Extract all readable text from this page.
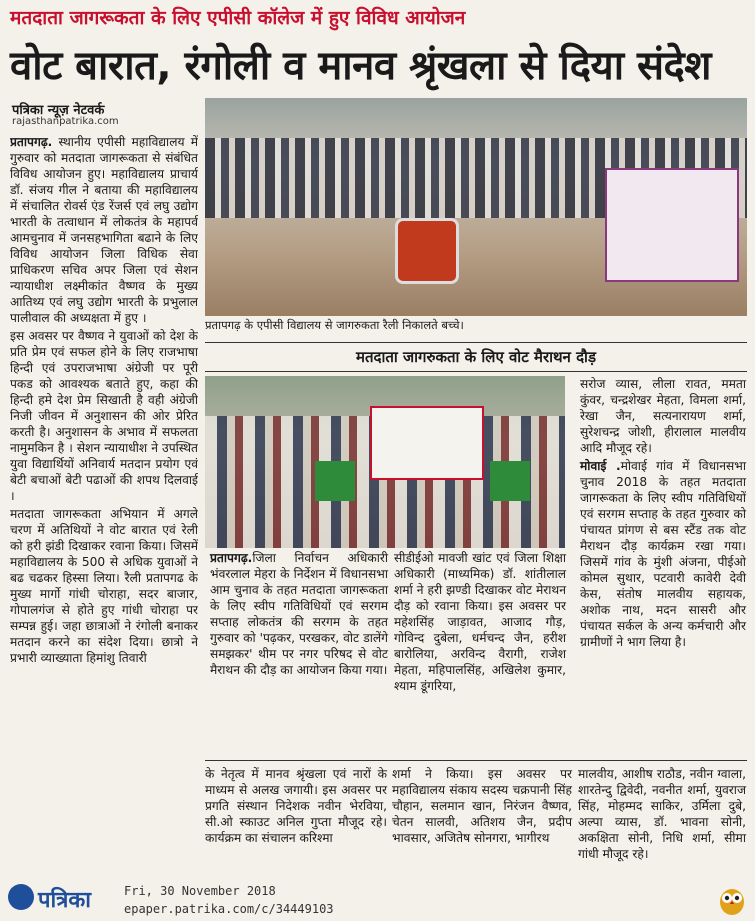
मतदाता जागरूकता के लिए एपीसी कॉलेज में हुए विविध आयोजन
वोट बारात, रंगोली व मानव श्रृंखला से दिया संदेश
पत्रिका न्यूज़ नेटवर्क
rajasthanpatrika.com

प्रतापगढ़. स्थानीय एपीसी महाविद्यालय में गुरुवार को मतदाता जागरूकता से संबंधित विविध आयोजन हुए। महाविद्यालय प्राचार्य डॉ. संजय गील ने बताया की महाविद्यालय में संचालित रोवर्स एंड रेंजर्स एवं लघु उद्योग भारती के तत्वाधान में लोकतंत्र के महापर्व आमचुनाव में जनसहभागिता बढाने के लिए विविध आयोजन जिला विधिक सेवा प्राधिकरण सचिव अपर जिला एवं सेशन न्यायाधीश लक्ष्मीकांत वैष्णव के मुख्य आतिथ्य एवं लघु उद्योग भारती के प्रभुलाल पालीवाल की अध्यक्षता में हुए ।

इस अवसर पर वैष्णव ने युवाओं को देश के प्रति प्रेम एवं सफल होने के लिए राजभाषा हिन्दी एवं उपराजभाषा अंग्रेजी पर पूरी पकड को आवश्यक बताते हुए, कहा की हिन्दी हमे देश प्रेम सिखाती है वही अंग्रेजी निजी जीवन में अनुशासन की ओर प्रेरित करती है। अनुशासन के अभाव में सफलता नामुमकिन है । सेशन न्यायाधीश ने उपस्थित युवा विद्यार्थियों अनिवार्य मतदान प्रयोग एवं बेटी बचाओं बेटी पढाओं की शपथ दिलवाई ।

मतदाता जागरूकता अभियान में अगले चरण में अतिथियों ने वोट बारात एवं रेली को हरी झंडी दिखाकर रवाना किया। जिसमें महाविद्यालय के 500 से अधिक युवाओं ने बढ चढकर हिस्सा लिया। रैली प्रतापगढ के मुख्य मार्गो गांधी चोराहा, सदर बाजार, गोपालगंज से होते हुए गांधी चोराहा पर सम्पन्न हुई। जहा छात्राओं ने रंगोली बनाकर मतदान करने का संदेश दिया। छात्रो ने प्रभारी व्याख्याता हिमांशु तिवारी

प्रतापगढ़ के एपीसी विद्यालय से जागरुकता रैली निकालते बच्चे।
मतदाता जागरुकता के लिए वोट मैराथन दौड़

प्रतापगढ़.जिला निर्वाचन अधिकारी भंवरलाल मेहरा के निर्देशन में विधानसभा आम चुनाव के तहत मतदाता जागरूकता के लिए स्वीप गतिविधियों एवं सरगम सप्ताह लोकतंत्र की सरगम के तहत गुरुवार को 'पढ़कर, परखकर, वोट डालेंगे समझकर' थीम पर नगर परिषद से वोट मैराथन की दौड़ का आयोजन किया गया।

सीडीईओ मावजी खांट एवं जिला शिक्षा अधिकारी (माध्यमिक) डॉ. शांतीलाल शर्मा ने हरी झण्डी दिखाकर वोट मेराथन दौड़ को रवाना किया। इस अवसर पर महेशसिंह जाड़ावत, आजाद गौड़, गोविन्द दुबेला, धर्मचन्द जैन, हरीश बारोलिया, अरविन्द वैरागी, राजेश मेहता, महिपालसिंह, अखिलेश कुमार, श्याम डूंगरिया,

सरोज व्यास, लीला रावत, ममता कुंवर, चन्द्रशेखर मेहता, विमला शर्मा, रेखा जैन, सत्यनारायण शर्मा, सुरेशचन्द्र जोशी, हीरालाल मालवीय आदि मौजूद रहे।

मोवाई .मोवाई गांव में विधानसभा चुनाव 2018 के तहत मतदाता जागरूकता के लिए स्वीप गतिविधियों एवं सरगम सप्ताह के तहत गुरुवार को पंचायत प्रांगण से बस स्टैंड तक वोट मैराथन दौड़ कार्यक्रम रखा गया। जिसमें गांव के मुंशी अंजना, पीईओ कोमल सुथार, पटवारी कावेरी देवी केस, संतोष मालवीय सहायक, अशोक नाथ, मदन सासरी और पंचायत सर्कल के अन्य कर्मचारी और ग्रामीणों ने भाग लिया है।

के नेतृत्व में मानव श्रृंखला एवं नारों के माध्यम से अलख जगायी। इस अवसर पर प्रगति संस्थान निदेशक नवीन भेरविया, सी.ओ स्काउट अनिल गुप्ता मौजूद रहे। कार्यक्रम का संचालन करिश्मा
शर्मा ने किया। इस अवसर पर महाविद्यालय संकाय सदस्य चक्रपानी सिंह चौहान, सलमान खान, निरंजन वैष्णव, चेतन सालवी, अतिशय जैन, प्रदीप भावसार, अजितेष सोनगरा, भागीरथ
मालवीय, आशीष राठौड, नवीन ग्वाला, शारतेन्दु द्विवेदी, नवनीत शर्मा, युवराज सिंह, मोहम्मद साकिर, उर्मिला दुबे, अल्पा व्यास, डॉ. भावना सोनी, अकक्षिता सोनी, निधि शर्मा, सीमा गांधी मौजूद रहे।
पत्रिका	Fri, 30 November 2018
epaper.patrika.com/c/34449103
